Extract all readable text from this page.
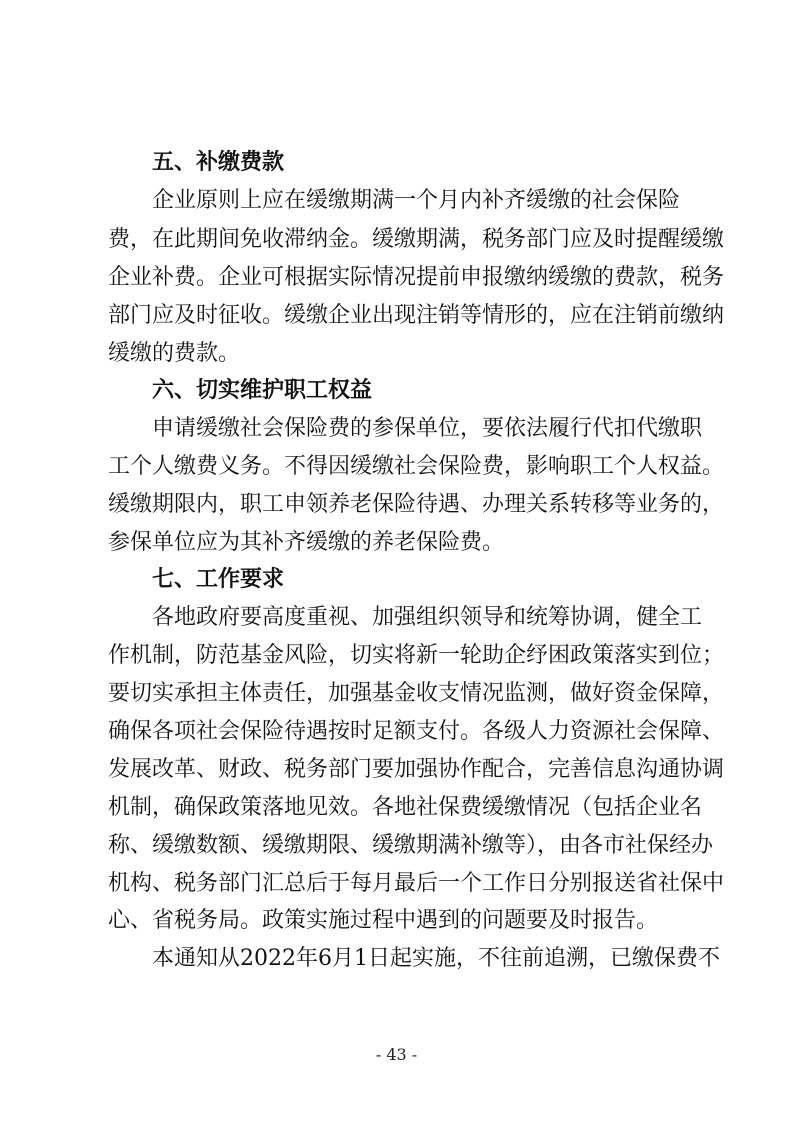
五、补缴费款
企业原则上应在缓缴期满一个月内补齐缓缴的社会保险
费，在此期间免收滞纳金。缓缴期满，税务部门应及时提醒缓缴
企业补费。企业可根据实际情况提前申报缴纳缓缴的费款，税务
部门应及时征收。缓缴企业出现注销等情形的，应在注销前缴纳
缓缴的费款。
六、切实维护职工权益
申请缓缴社会保险费的参保单位，要依法履行代扣代缴职
工个人缴费义务。不得因缓缴社会保险费，影响职工个人权益。
缓缴期限内，职工申领养老保险待遇、办理关系转移等业务的，
参保单位应为其补齐缓缴的养老保险费。
七、工作要求
各地政府要高度重视、加强组织领导和统筹协调，健全工
作机制，防范基金风险，切实将新一轮助企纾困政策落实到位；
要切实承担主体责任，加强基金收支情况监测，做好资金保障，
确保各项社会保险待遇按时足额支付。各级人力资源社会保障、
发展改革、财政、税务部门要加强协作配合，完善信息沟通协调
机制，确保政策落地见效。各地社保费缓缴情况（包括企业名
称、缓缴数额、缓缴期限、缓缴期满补缴等），由各市社保经办
机构、税务部门汇总后于每月最后一个工作日分别报送省社保中
心、省税务局。政策实施过程中遇到的问题要及时报告。
本通知从2022年6月1日起实施，不往前追溯，已缴保费不
- 43 -
